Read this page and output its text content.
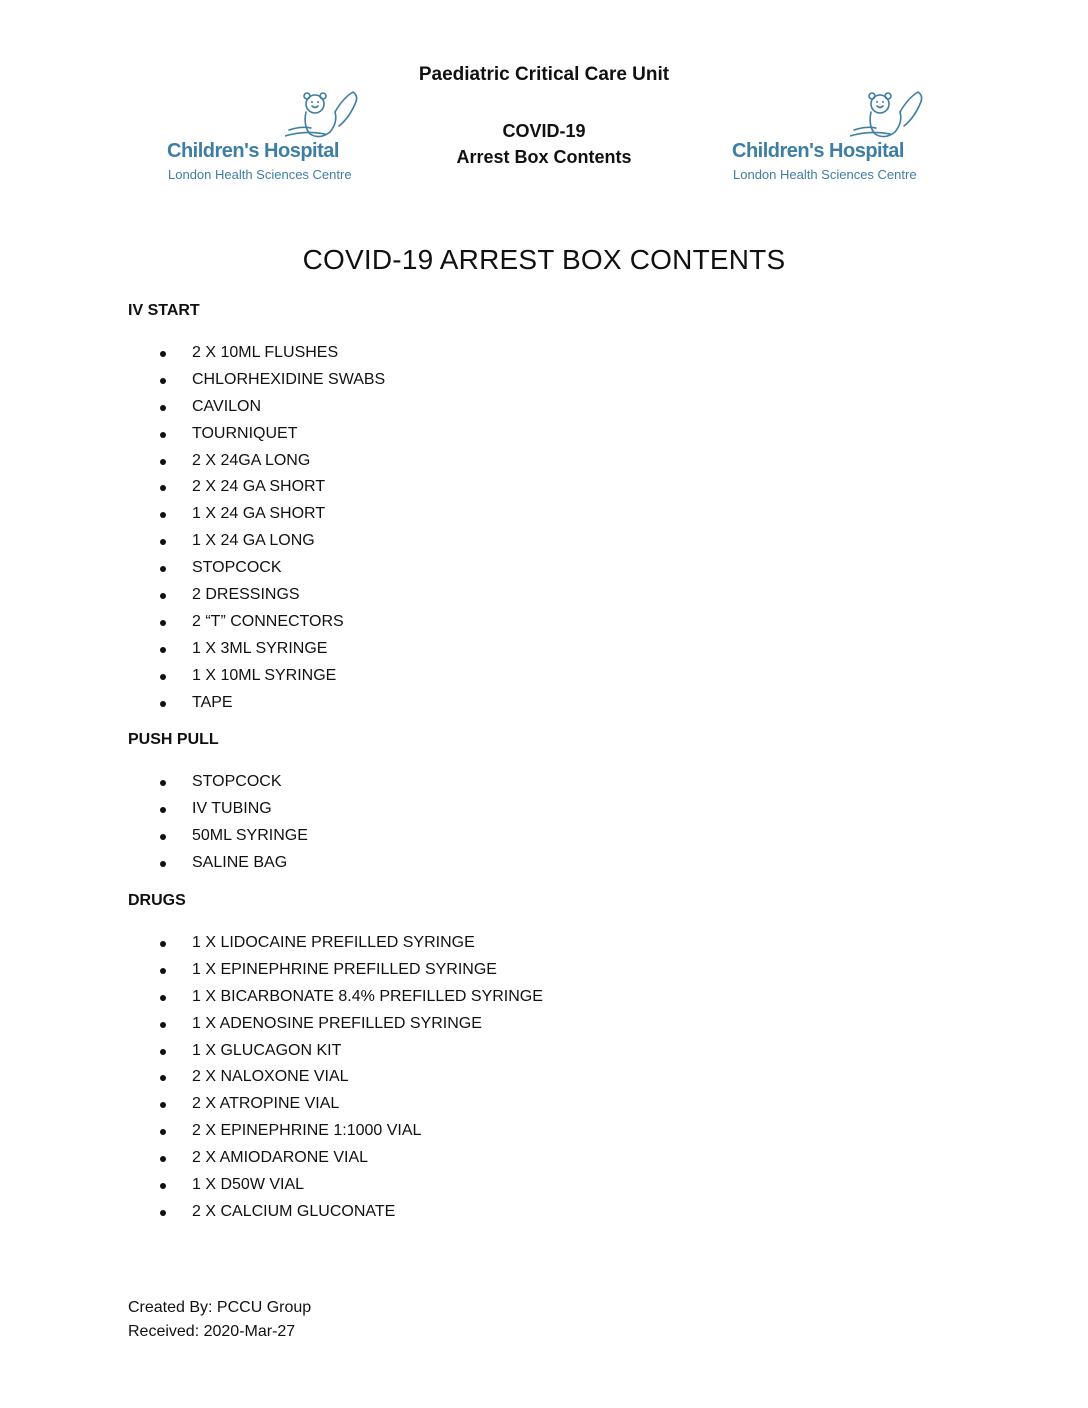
Paediatric Critical Care Unit
Children's Hospital
London Health Sciences Centre
COVID-19
Arrest Box Contents	Children's Hospital
London Health Sciences Centre
COVID-19 ARREST BOX CONTENTS
IV START
2 X 10ML FLUSHES
CHLORHEXIDINE SWABS
CAVILON
TOURNIQUET
2 X 24GA LONG
2 X 24 GA SHORT
1 X 24 GA SHORT
1 X 24 GA LONG
STOPCOCK
2 DRESSINGS
2 “T” CONNECTORS
1 X 3ML SYRINGE
1 X 10ML SYRINGE
TAPE
PUSH PULL
STOPCOCK
IV TUBING
50ML SYRINGE
SALINE BAG
DRUGS
1 X LIDOCAINE PREFILLED SYRINGE
1 X EPINEPHRINE PREFILLED SYRINGE
1 X BICARBONATE 8.4% PREFILLED SYRINGE
1 X ADENOSINE PREFILLED SYRINGE
1 X GLUCAGON KIT
2 X NALOXONE VIAL
2 X ATROPINE VIAL
2 X EPINEPHRINE 1:1000 VIAL
2 X AMIODARONE VIAL
1 X D50W VIAL
2 X CALCIUM GLUCONATE
Created By: PCCU Group
Received: 2020-Mar-27
